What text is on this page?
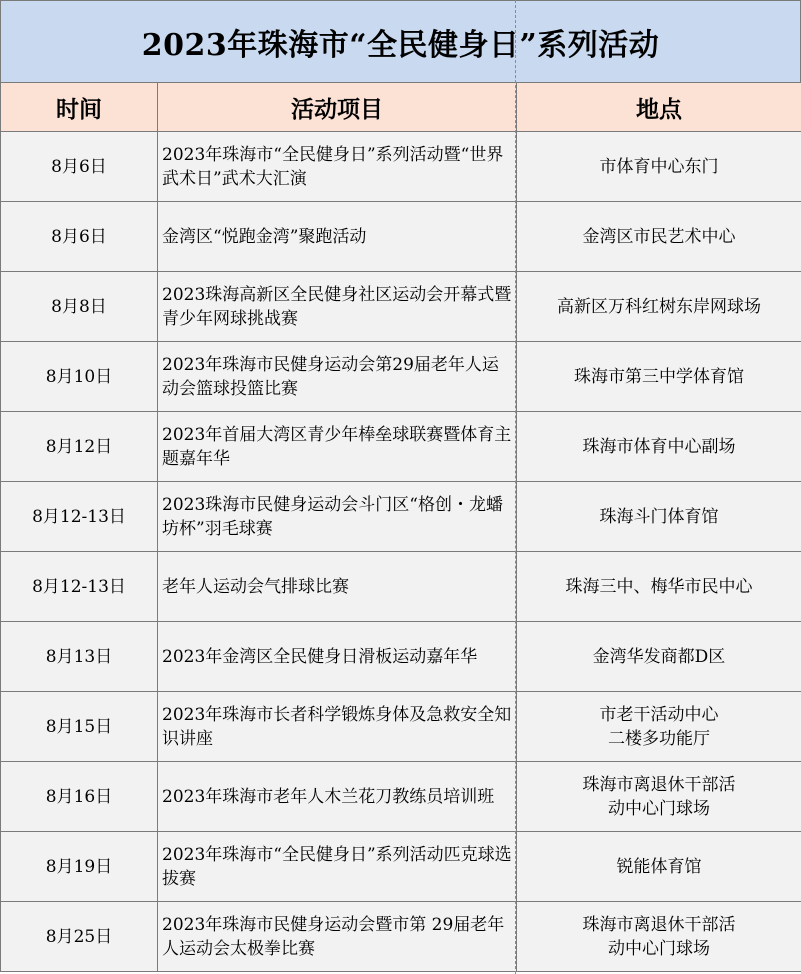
2023年珠海市“全民健身日”系列活动
时间	活动项目	地点
8月6日	2023年珠海市“全民健身日”系列活动暨“世界武术日”武术大汇演	市体育中心东门

8月6日	金湾区“悦跑金湾”聚跑活动	金湾区市民艺术中心

8月8日	2023珠海高新区全民健身社区运动会开幕式暨青少年网球挑战赛	高新区万科红树东岸网球场

8月10日	2023年珠海市民健身运动会第29届老年人运动会篮球投篮比赛	珠海市第三中学体育馆

8月12日	2023年首届大湾区青少年棒垒球联赛暨体育主题嘉年华	珠海市体育中心副场

8月12-13日	2023珠海市民健身运动会斗门区“格创・龙蟠坊杯”羽毛球赛	珠海斗门体育馆

8月12-13日	老年人运动会气排球比赛	珠海三中、梅华市民中心

8月13日	2023年金湾区全民健身日滑板运动嘉年华	金湾华发商都D区

8月15日	2023年珠海市长者科学锻炼身体及急救安全知识讲座	市老干活动中心
二楼多功能厅

8月16日	2023年珠海市老年人木兰花刀教练员培训班	珠海市离退休干部活
动中心门球场

8月19日	2023年珠海市“全民健身日”系列活动匹克球选拔赛	锐能体育馆

8月25日	2023年珠海市民健身运动会暨市第 29届老年人运动会太极拳比赛	珠海市离退休干部活
动中心门球场
